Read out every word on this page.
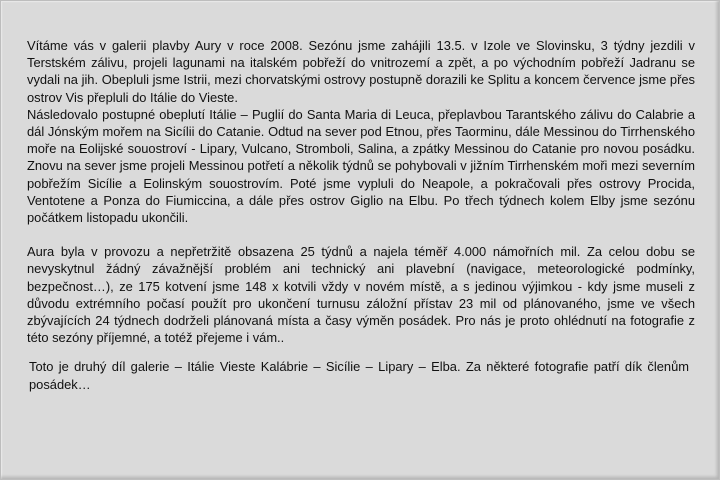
Vítáme vás v galerii plavby Aury v roce 2008. Sezónu jsme zahájili 13.5. v Izole ve Slovinsku, 3 týdny jezdili v Terstském zálivu, projeli lagunami na italském pobřeží do vnitrozemí a zpět, a po východním pobřeží Jadranu se vydali na jih. Obepluli jsme Istrii, mezi chorvatskými ostrovy postupně dorazili ke Splitu a koncem července jsme přes ostrov Vis přepluli do Itálie do Vieste.

Následovalo postupné obeplutí Itálie – Puglií do Santa Maria di Leuca, přeplavbou Tarantského zálivu do Calabrie a dál Jónským mořem na Sicílii do Catanie. Odtud na sever pod Etnou, přes Taorminu, dále Messinou do Tirrhenského moře na Eolijské souostroví - Lipary, Vulcano, Stromboli, Salina, a zpátky Messinou do Catanie pro novou posádku. Znovu na sever jsme projeli Messinou potřetí a několik týdnů se pohybovali v jižním Tirrhenském moři mezi severním pobřežím Sicílie a Eolinským souostrovím. Poté jsme vypluli do Neapole, a pokračovali přes ostrovy Procida, Ventotene a Ponza do Fiumiccina, a dále přes ostrov Giglio na Elbu. Po třech týdnech kolem Elby jsme sezónu počátkem listopadu ukončili.

Aura byla v provozu a nepřetržitě obsazena 25 týdnů a najela téměř 4.000 námořních mil. Za celou dobu se nevyskytnul žádný závažnější problém ani technický ani plavební (navigace, meteorologické podmínky, bezpečnost…), ze 175 kotvení jsme 148 x kotvili vždy v novém místě, a s jedinou výjimkou - kdy jsme museli z důvodu extrémního počasí použít pro ukončení turnusu záložní přístav 23 mil od plánovaného, jsme ve všech zbývajících 24 týdnech dodrželi plánovaná místa a časy výměn posádek. Pro nás je proto ohlédnutí na fotografie z této sezóny příjemné, a totéž přejeme i vám..

Toto je druhý díl galerie – Itálie Vieste Kalábrie – Sicílie – Lipary – Elba. Za některé fotografie patří dík členům posádek…
